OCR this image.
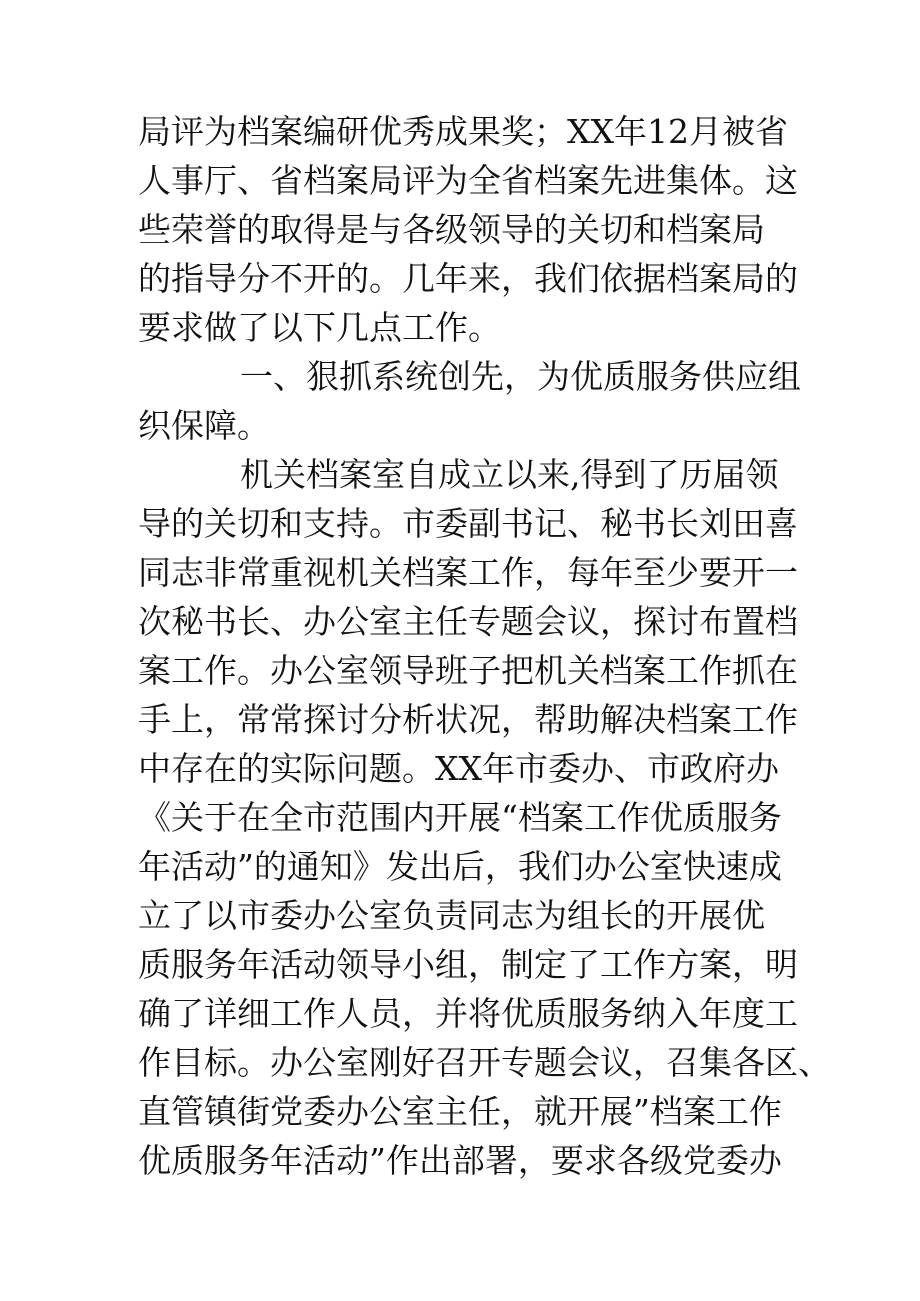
局评为档案编研优秀成果奖；XX年12月被省
人事厅、省档案局评为全省档案先进集体。这
些荣誉的取得是与各级领导的关切和档案局
的指导分不开的。几年来，我们依据档案局的
要求做了以下几点工作。
一、狠抓系统创先，为优质服务供应组
织保障。
机关档案室自成立以来,得到了历届领
导的关切和支持。市委副书记、秘书长刘田喜
同志非常重视机关档案工作，每年至少要开一
次秘书长、办公室主任专题会议，探讨布置档
案工作。办公室领导班子把机关档案工作抓在
手上，常常探讨分析状况，帮助解决档案工作
中存在的实际问题。XX年市委办、市政府办
《关于在全市范围内开展“档案工作优质服务
年活动”的通知》发出后，我们办公室快速成
立了以市委办公室负责同志为组长的开展优
质服务年活动领导小组，制定了工作方案，明
确了详细工作人员，并将优质服务纳入年度工
作目标。办公室刚好召开专题会议，召集各区、
直管镇街党委办公室主任，就开展”档案工作
优质服务年活动”作出部署，要求各级党委办
